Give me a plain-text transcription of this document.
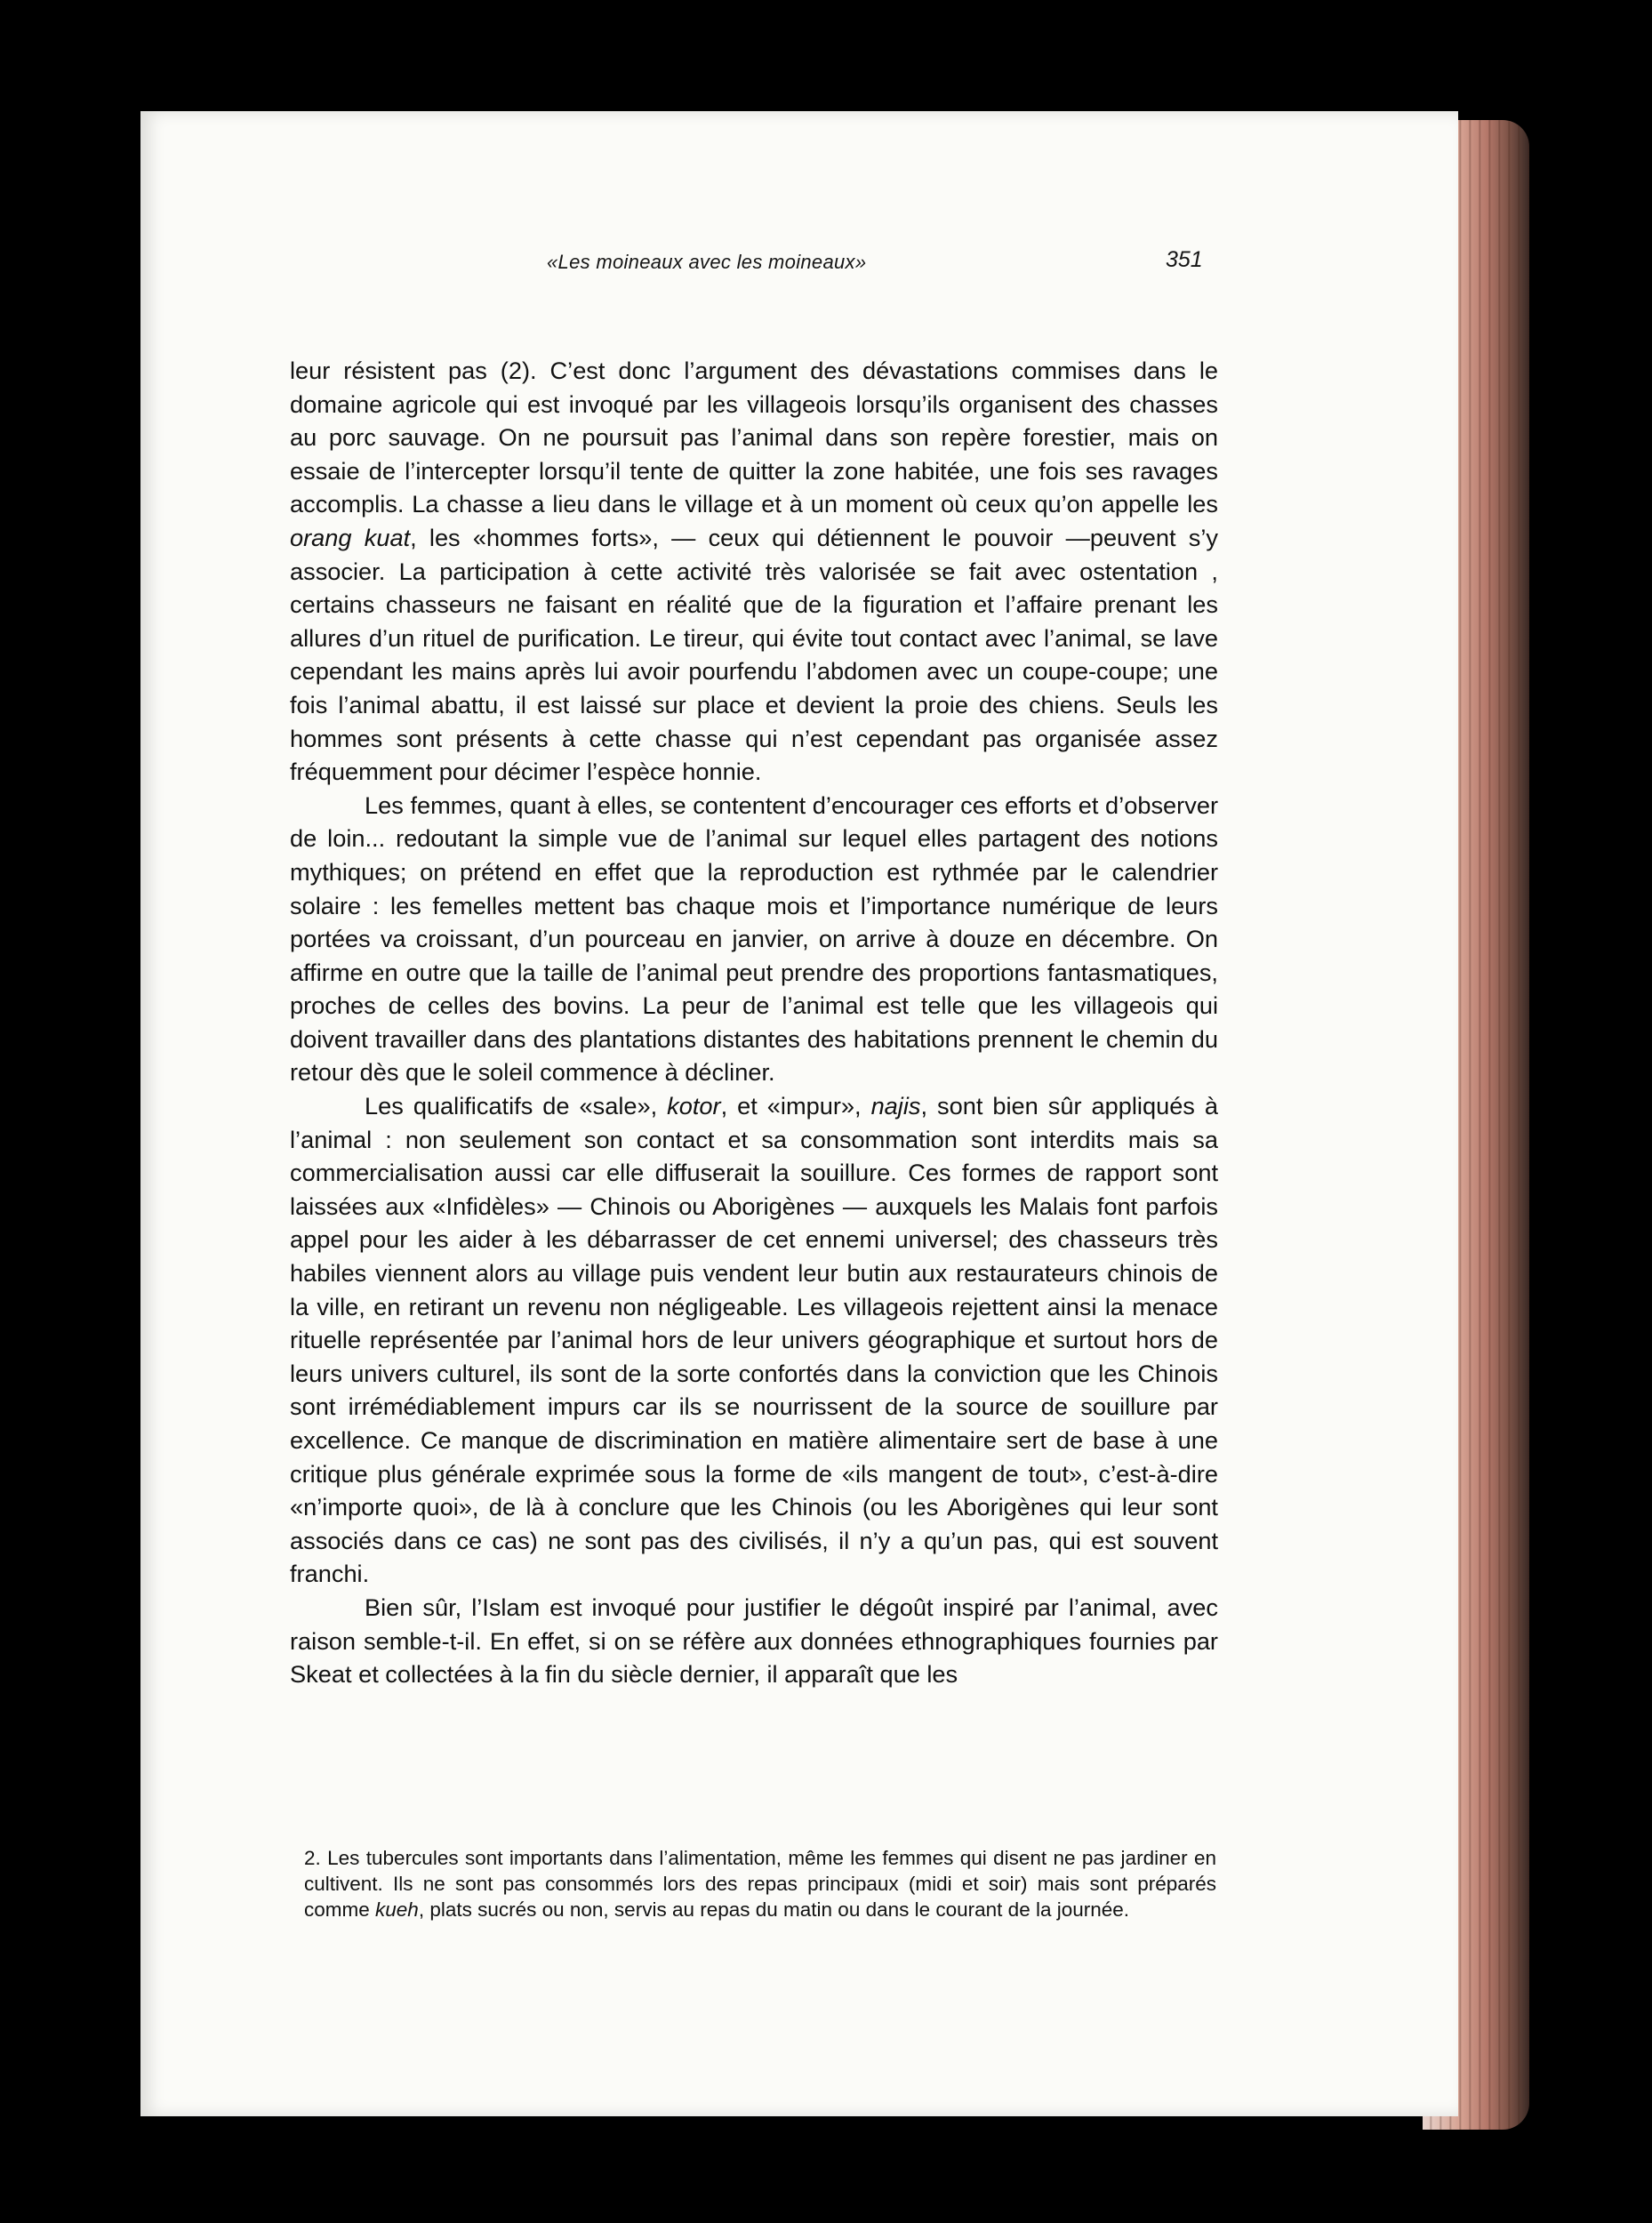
«Les moineaux avec les moineaux»	351

leur résistent pas (2). C’est donc l’argument des dévastations commises dans le domaine agricole qui est invoqué par les villageois lorsqu’ils organisent des chasses au porc sauvage. On ne poursuit pas l’animal dans son repère forestier, mais on essaie de l’intercepter lorsqu’il tente de quitter la zone habitée, une fois ses ravages accomplis. La chasse a lieu dans le village et à un moment où ceux qu’on appelle les orang kuat, les «hommes forts», — ceux qui détiennent le pouvoir —peuvent s’y associer. La participation à cette activité très valorisée se fait avec ostentation , certains chasseurs ne faisant en réalité que de la figuration et l’affaire prenant les allures d’un rituel de purification. Le tireur, qui évite tout contact avec l’animal, se lave cependant les mains après lui avoir pourfendu l’abdomen avec un coupe-coupe; une fois l’animal abattu, il est laissé sur place et devient la proie des chiens. Seuls les hommes sont présents à cette chasse qui n’est cependant pas organisée assez fréquemment pour décimer l’espèce honnie.

Les femmes, quant à elles, se contentent d’encourager ces efforts et d’observer de loin... redoutant la simple vue de l’animal sur lequel elles partagent des notions mythiques; on prétend en effet que la reproduction est rythmée par le calendrier solaire : les femelles mettent bas chaque mois et l’importance numérique de leurs portées va croissant, d’un pourceau en janvier, on arrive à douze en décembre. On affirme en outre que la taille de l’animal peut prendre des proportions fantasmatiques, proches de celles des bovins. La peur de l’animal est telle que les villageois qui doivent travailler dans des plantations distantes des habitations prennent le chemin du retour dès que le soleil commence à décliner.

Les qualificatifs de «sale», kotor, et «impur», najis, sont bien sûr appliqués à l’animal : non seulement son contact et sa consommation sont interdits mais sa commercialisation aussi car elle diffuserait la souillure. Ces formes de rapport sont laissées aux «Infidèles» — Chinois ou Aborigènes — auxquels les Malais font parfois appel pour les aider à les débarrasser de cet ennemi universel; des chasseurs très habiles viennent alors au village puis vendent leur butin aux restaurateurs chinois de la ville, en retirant un revenu non négligeable. Les villageois rejettent ainsi la menace rituelle représentée par l’animal hors de leur univers géographique et surtout hors de leurs univers culturel, ils sont de la sorte confortés dans la conviction que les Chinois sont irrémédiablement impurs car ils se nourrissent de la source de souillure par excellence. Ce manque de discrimination en matière alimentaire sert de base à une critique plus générale exprimée sous la forme de «ils mangent de tout», c’est-à-dire «n’importe quoi», de là à conclure que les Chinois (ou les Aborigènes qui leur sont associés dans ce cas) ne sont pas des civilisés, il n’y a qu’un pas, qui est souvent franchi.

Bien sûr, l’Islam est invoqué pour justifier le dégoût inspiré par l’animal, avec raison semble-t-il. En effet, si on se réfère aux données ethnographiques fournies par Skeat et collectées à la fin du siècle dernier, il apparaît que les

2. Les tubercules sont importants dans l’alimentation, même les femmes qui disent ne pas jardiner en cultivent. Ils ne sont pas consommés lors des repas principaux (midi et soir) mais sont préparés comme kueh, plats sucrés ou non, servis au repas du matin ou dans le courant de la journée.
